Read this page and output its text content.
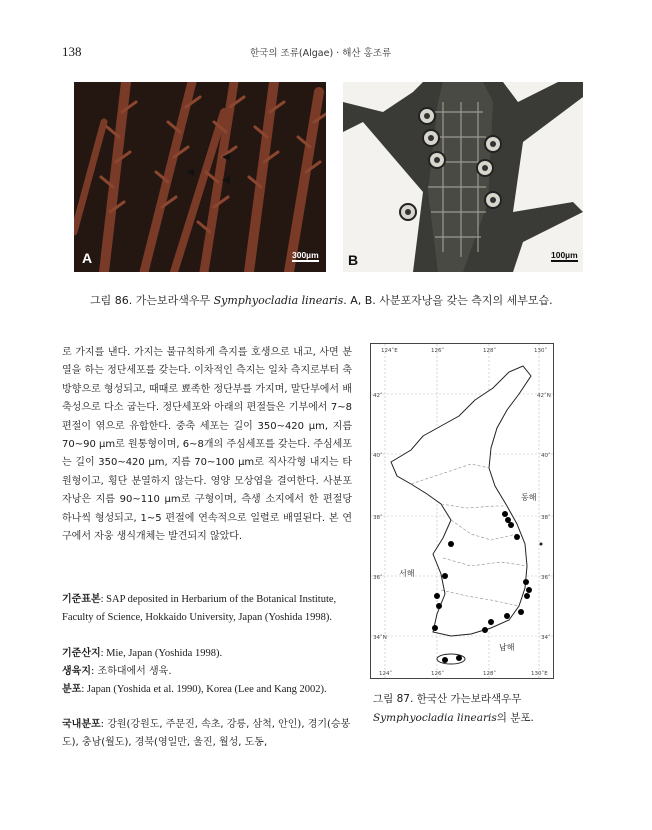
138	한국의 조류(Algae) · 해산 홍조류
A	300µm B	100µm
그림 86. 가는보라색우무 Symphyocladia linearis. A, B. 사분포자낭을 갖는 측지의 세부모습.
로 가지를 낸다. 가지는 불규칙하게 측지를 호생으로 내고, 사면 분열을 하는 정단세포를 갖는다. 이차적인 측지는 일차 측지로부터 축 방향으로 형성되고, 때때로 뾰족한 정단부를 가지며, 말단부에서 배축성으로 다소 굽는다. 정단세포와 아래의 편절들은 기부에서 7~8 편절이 엮으로 유합한다. 중축 세포는 길이 350~420 μm, 지름 70~90 μm로 원통형이며, 6~8개의 주심세포를 갖는다. 주심세포는 길이 350~420 μm, 지름 70~100 μm로 직사각형 내지는 타원형이고, 횡단 분열하지 않는다. 영양 모상엽을 결여한다. 사분포자낭은 지름 90~110 μm로 구형이며, 측생 소지에서 한 편절당 하나씩 형성되고, 1~5 편절에 연속적으로 일렬로 배열된다. 본 연구에서 자웅 생식개체는 발견되지 않았다.
기준표본: SAP deposited in Herbarium of the Botanical Institute, Faculty of Science, Hokkaido University, Japan (Yoshida 1998).
기준산지: Mie, Japan (Yoshida 1998).
생육지: 조하대에서 생육.
분포: Japan (Yoshida et al. 1990), Korea (Lee and Kang 2002).
국내분포: 강원(강원도, 주문진, 속초, 강릉, 삼척, 안인), 경기(승봉도), 충남(월도), 경북(영일만, 울진, 월성, 도동,
124˚E	126˚	128˚	130˚
124˚	126˚	128˚	130˚E
42˚
40˚
38˚
36˚
34˚N
42˚N
40˚
38˚
36˚
34˚
동해
서해
남해
그림 87. 한국산 가는보라색우무 Symphyocladia linearis의 분포.
